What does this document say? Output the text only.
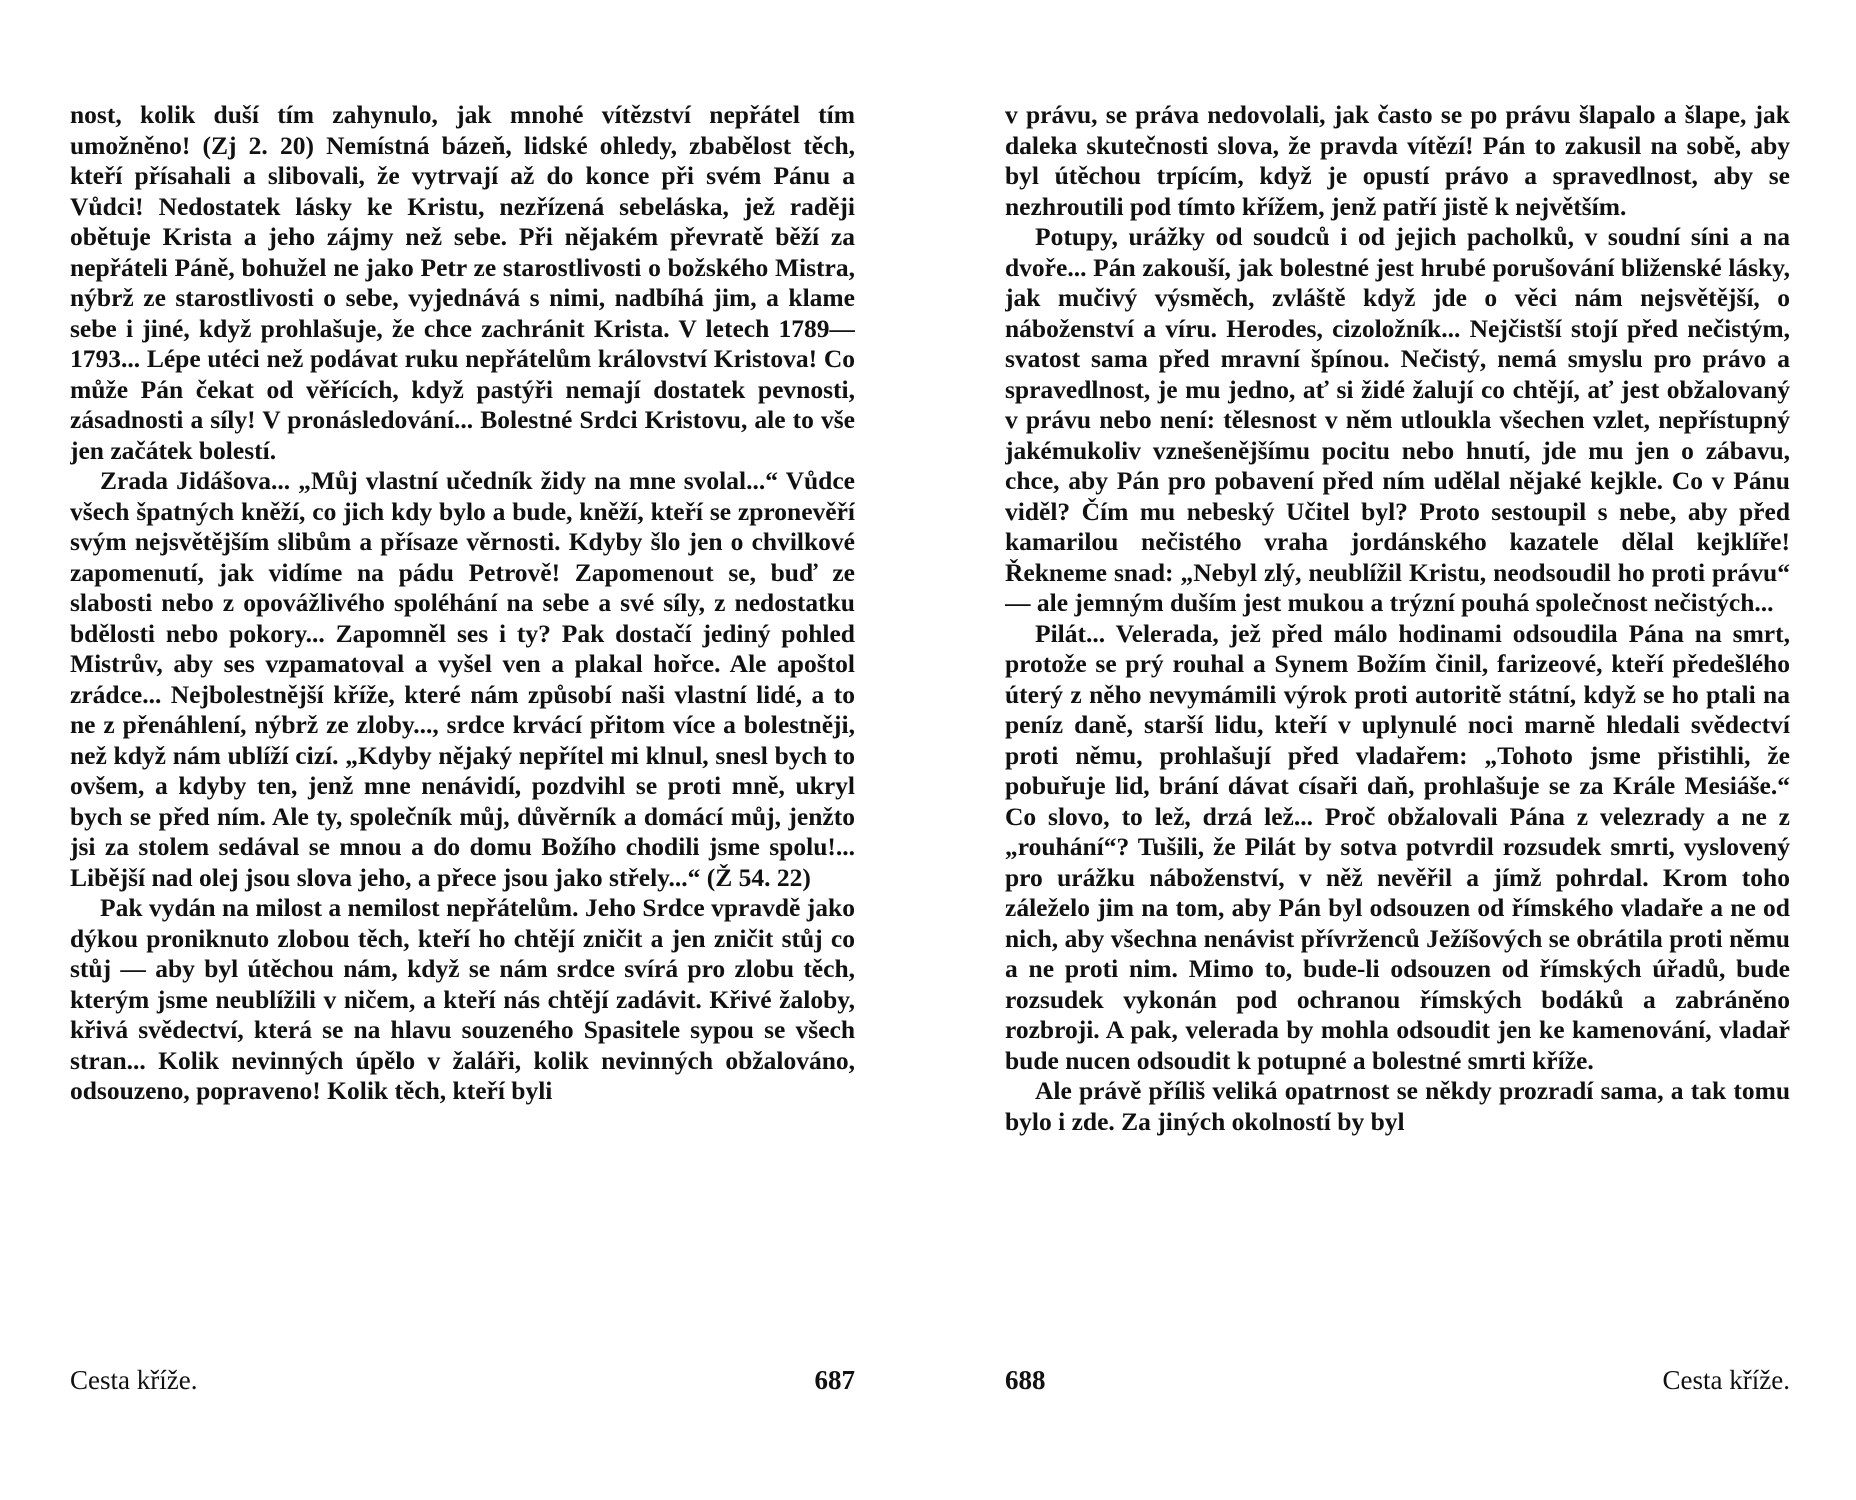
nost, kolik duší tím zahynulo, jak mnohé vítězství nepřátel tím umožněno! (Zj 2. 20) Nemístná bázeň, lidské ohledy, zbabělost těch, kteří přísahali a slibovali, že vytrvají až do konce při svém Pánu a Vůdci! Nedostatek lásky ke Kristu, nezřízená sebeláska, jež raději obětuje Krista a jeho zájmy než sebe. Při nějakém převratě běží za nepřáteli Páně, bohužel ne jako Petr ze starostlivosti o božského Mistra, nýbrž ze starostlivosti o sebe, vyjednává s nimi, nadbíhá jim, a klame sebe i jiné, když prohlašuje, že chce zachránit Krista. V letech 1789—1793... Lépe utéci než podávat ruku nepřátelům království Kristova! Co může Pán čekat od věřících, když pastýři nemají dostatek pevnosti, zásadnosti a síly! V pronásledování... Bolestné Srdci Kristovu, ale to vše jen začátek bolestí.

Zrada Jidášova... „Můj vlastní učedník židy na mne svolal...“ Vůdce všech špatných kněží, co jich kdy bylo a bude, kněží, kteří se zpronevěří svým nejsvětějším slibům a přísaze věrnosti. Kdyby šlo jen o chvilkové zapomenutí, jak vidíme na pádu Petrově! Zapomenout se, buď ze slabosti nebo z opovážlivého spoléhání na sebe a své síly, z nedostatku bdělosti nebo pokory... Zapomněl ses i ty? Pak dostačí jediný pohled Mistrův, aby ses vzpamatoval a vyšel ven a plakal hořce. Ale apoštol zrádce... Nejbolestnější kříže, které nám způsobí naši vlastní lidé, a to ne z přenáhlení, nýbrž ze zloby..., srdce krvácí přitom více a bolestněji, než když nám ublíží cizí. „Kdyby nějaký nepřítel mi klnul, snesl bych to ovšem, a kdyby ten, jenž mne nenávidí, pozdvihl se proti mně, ukryl bych se před ním. Ale ty, společník můj, důvěrník a domácí můj, jenžto jsi za stolem sedával se mnou a do domu Božího chodili jsme spolu!... Libější nad olej jsou slova jeho, a přece jsou jako střely...“ (Ž 54. 22)

Pak vydán na milost a nemilost nepřátelům. Jeho Srdce vpravdě jako dýkou proniknuto zlobou těch, kteří ho chtějí zničit a jen zničit stůj co stůj — aby byl útěchou nám, když se nám srdce svírá pro zlobu těch, kterým jsme neublížili v ničem, a kteří nás chtějí zadávit. Křivé žaloby, křivá svědectví, která se na hlavu souzeného Spasitele sypou se všech stran... Kolik nevinných úpělo v žaláři, kolik nevinných obžalováno, odsouzeno, popraveno! Kolik těch, kteří byli

Cesta kříže.	687

v právu, se práva nedovolali, jak často se po právu šlapalo a šlape, jak daleka skutečnosti slova, že pravda vítězí! Pán to zakusil na sobě, aby byl útěchou trpícím, když je opustí právo a spravedlnost, aby se nezhroutili pod tímto křížem, jenž patří jistě k největším.

Potupy, urážky od soudců i od jejich pacholků, v soudní síni a na dvoře... Pán zakouší, jak bolestné jest hrubé porušování bliženské lásky, jak mučivý výsměch, zvláště když jde o věci nám nejsvětější, o náboženství a víru. Herodes, cizoložník... Nejčistší stojí před nečistým, svatost sama před mravní špínou. Nečistý, nemá smyslu pro právo a spravedlnost, je mu jedno, ať si židé žalují co chtějí, ať jest obžalovaný v právu nebo není: tělesnost v něm utloukla všechen vzlet, nepřístupný jakémukoliv vznešenějšímu pocitu nebo hnutí, jde mu jen o zábavu, chce, aby Pán pro pobavení před ním udělal nějaké kejkle. Co v Pánu viděl? Čím mu nebeský Učitel byl? Proto sestoupil s nebe, aby před kamarilou nečistého vraha jordánského kazatele dělal kejklíře! Řekneme snad: „Nebyl zlý, neublížil Kristu, neodsoudil ho proti právu“ — ale jemným duším jest mukou a trýzní pouhá společnost nečistých...

Pilát... Velerada, jež před málo hodinami odsoudila Pána na smrt, protože se prý rouhal a Synem Božím činil, farizeové, kteří předešlého úterý z něho nevymámili výrok proti autoritě státní, když se ho ptali na peníz daně, starší lidu, kteří v uplynulé noci marně hledali svědectví proti němu, prohlašují před vladařem: „Tohoto jsme přistihli, že pobuřuje lid, brání dávat císaři daň, prohlašuje se za Krále Mesiáše.“ Co slovo, to lež, drzá lež... Proč obžalovali Pána z velezrady a ne z „rouhání“? Tušili, že Pilát by sotva potvrdil rozsudek smrti, vyslovený pro urážku náboženství, v něž nevěřil a jímž pohrdal. Krom toho záleželo jim na tom, aby Pán byl odsouzen od římského vladaře a ne od nich, aby všechna nenávist přívrženců Ježíšových se obrátila proti němu a ne proti nim. Mimo to, bude-li odsouzen od římských úřadů, bude rozsudek vykonán pod ochranou římských bodáků a zabráněno rozbroji. A pak, velerada by mohla odsoudit jen ke kamenování, vladař bude nucen odsoudit k potupné a bolestné smrti kříže.

Ale právě příliš veliká opatrnost se někdy prozradí sama, a tak tomu bylo i zde. Za jiných okolností by byl

688	Cesta kříže.
